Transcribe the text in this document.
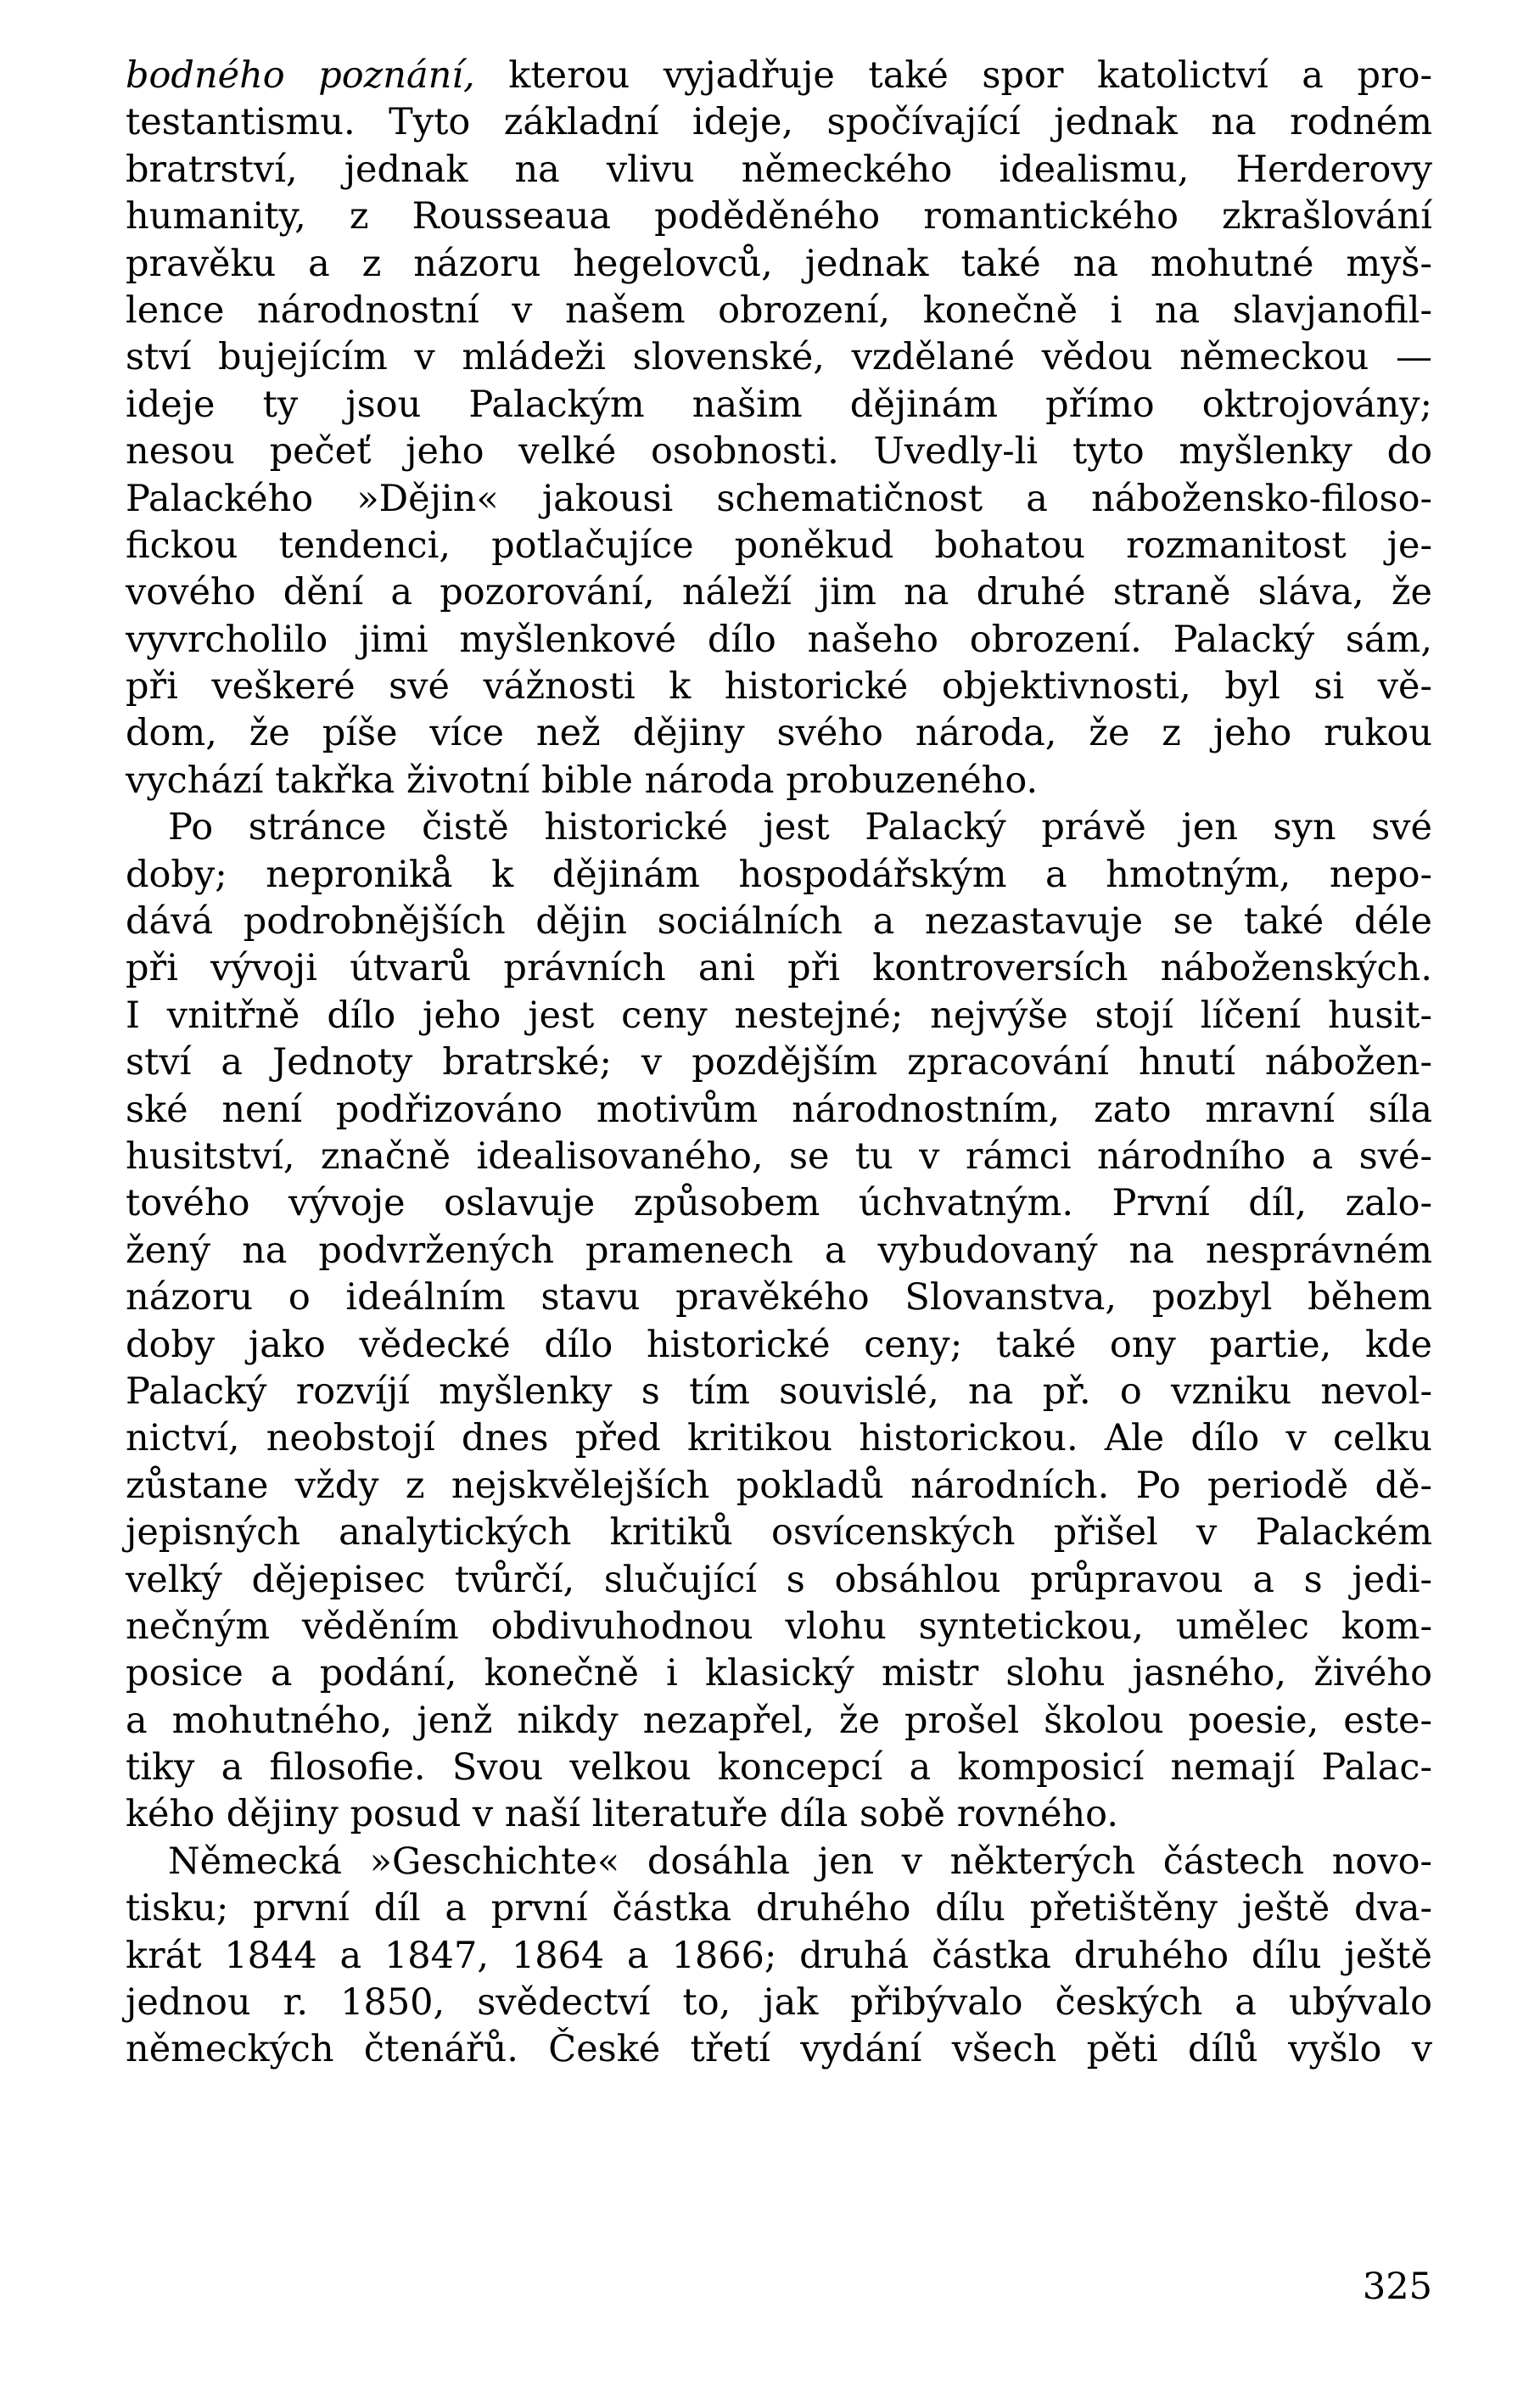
bodného poznání, kterou vyjadřuje také spor katolictví a pro-
testantismu. Tyto základní ideje, spočívající jednak na rodném
bratrství, jednak na vlivu německého idealismu, Herderovy
humanity, z Rousseaua poděděného romantického zkrašlování
pravěku a z názoru hegelovců, jednak také na mohutné myš-
lence národnostní v našem obrození, konečně i na slavjanofil-
ství bujejícím v mládeži slovenské, vzdělané vědou německou —
ideje ty jsou Palackým našim dějinám přímo oktrojovány;
nesou pečeť jeho velké osobnosti. Uvedly-li tyto myšlenky do
Palackého »Dějin« jakousi schematičnost a nábožensko-filoso-
fickou tendenci, potlačujíce poněkud bohatou rozmanitost je-
vového dění a pozorování, náleží jim na druhé straně sláva, že
vyvrcholilo jimi myšlenkové dílo našeho obrození. Palacký sám,
při veškeré své vážnosti k historické objektivnosti, byl si vě-
dom, že píše více než dějiny svého národa, že z jeho rukou
vychází takřka životní bible národa probuzeného.
Po stránce čistě historické jest Palacký právě jen syn své
doby; nepronikå k dějinám hospodářským a hmotným, nepo-
dává podrobnějších dějin sociálních a nezastavuje se také déle
při vývoji útvarů právních ani při kontroversích náboženských.
I vnitřně dílo jeho jest ceny nestejné; nejvýše stojí líčení husit-
ství a Jednoty bratrské; v pozdějším zpracování hnutí nábožen-
ské není podřizováno motivům národnostním, zato mravní síla
husitství, značně idealisovaného, se tu v rámci národního a své-
tového vývoje oslavuje způsobem úchvatným. První díl, zalo-
žený na podvržených pramenech a vybudovaný na nesprávném
názoru o ideálním stavu pravěkého Slovanstva, pozbyl během
doby jako vědecké dílo historické ceny; také ony partie, kde
Palacký rozvíjí myšlenky s tím souvislé, na př. o vzniku nevol-
nictví, neobstojí dnes před kritikou historickou. Ale dílo v celku
zůstane vždy z nejskvělejších pokladů národních. Po periodě dě-
jepisných analytických kritiků osvícenských přišel v Palackém
velký dějepisec tvůrčí, slučující s obsáhlou průpravou a s jedi-
nečným věděním obdivuhodnou vlohu syntetickou, umělec kom-
posice a podání, konečně i klasický mistr slohu jasného, živého
a mohutného, jenž nikdy nezapřel, že prošel školou poesie, este-
tiky a filosofie. Svou velkou koncepcí a komposicí nemají Palac-
kého dějiny posud v naší literatuře díla sobě rovného.
Německá »Geschichte« dosáhla jen v některých částech novo-
tisku; první díl a první částka druhého dílu přetištěny ještě dva-
krát 1844 a 1847, 1864 a 1866; druhá částka druhého dílu ještě
jednou r. 1850, svědectví to, jak přibývalo českých a ubývalo
německých čtenářů. České třetí vydání všech pěti dílů vyšlo v
325
